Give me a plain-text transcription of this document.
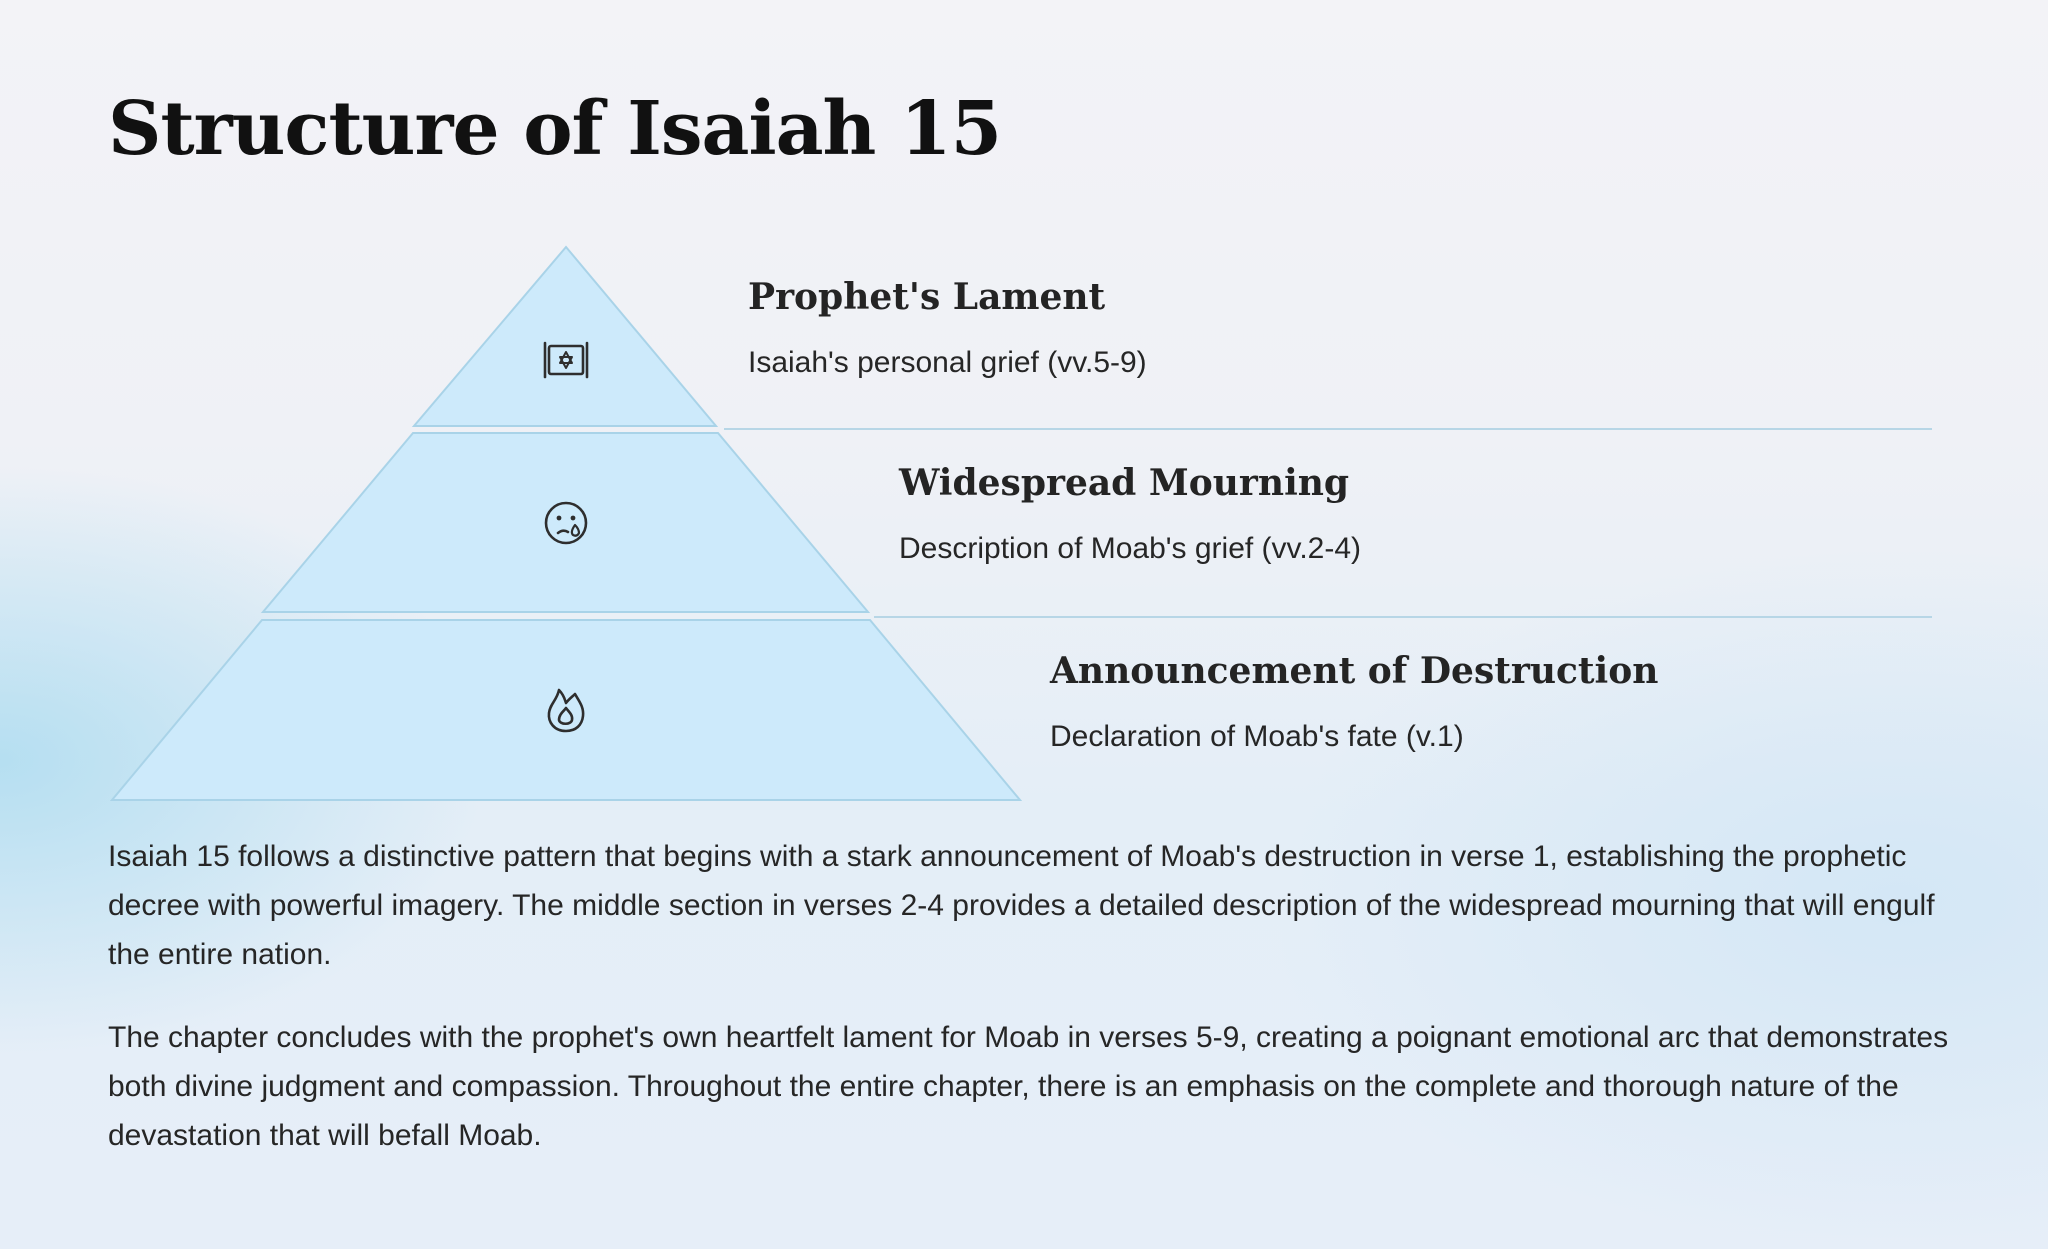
Structure of Isaiah 15
Prophet's Lament

Isaiah's personal grief (vv.5-9)

Widespread Mourning

Description of Moab's grief (vv.2-4)

Announcement of Destruction

Declaration of Moab's fate (v.1)

Isaiah 15 follows a distinctive pattern that begins with a stark announcement of Moab's destruction in verse 1, establishing the prophetic decree with powerful imagery. The middle section in verses 2-4 provides a detailed description of the widespread mourning that will engulf the entire nation.

The chapter concludes with the prophet's own heartfelt lament for Moab in verses 5-9, creating a poignant emotional arc that demonstrates both divine judgment and compassion. Throughout the entire chapter, there is an emphasis on the complete and thorough nature of the devastation that will befall Moab.
